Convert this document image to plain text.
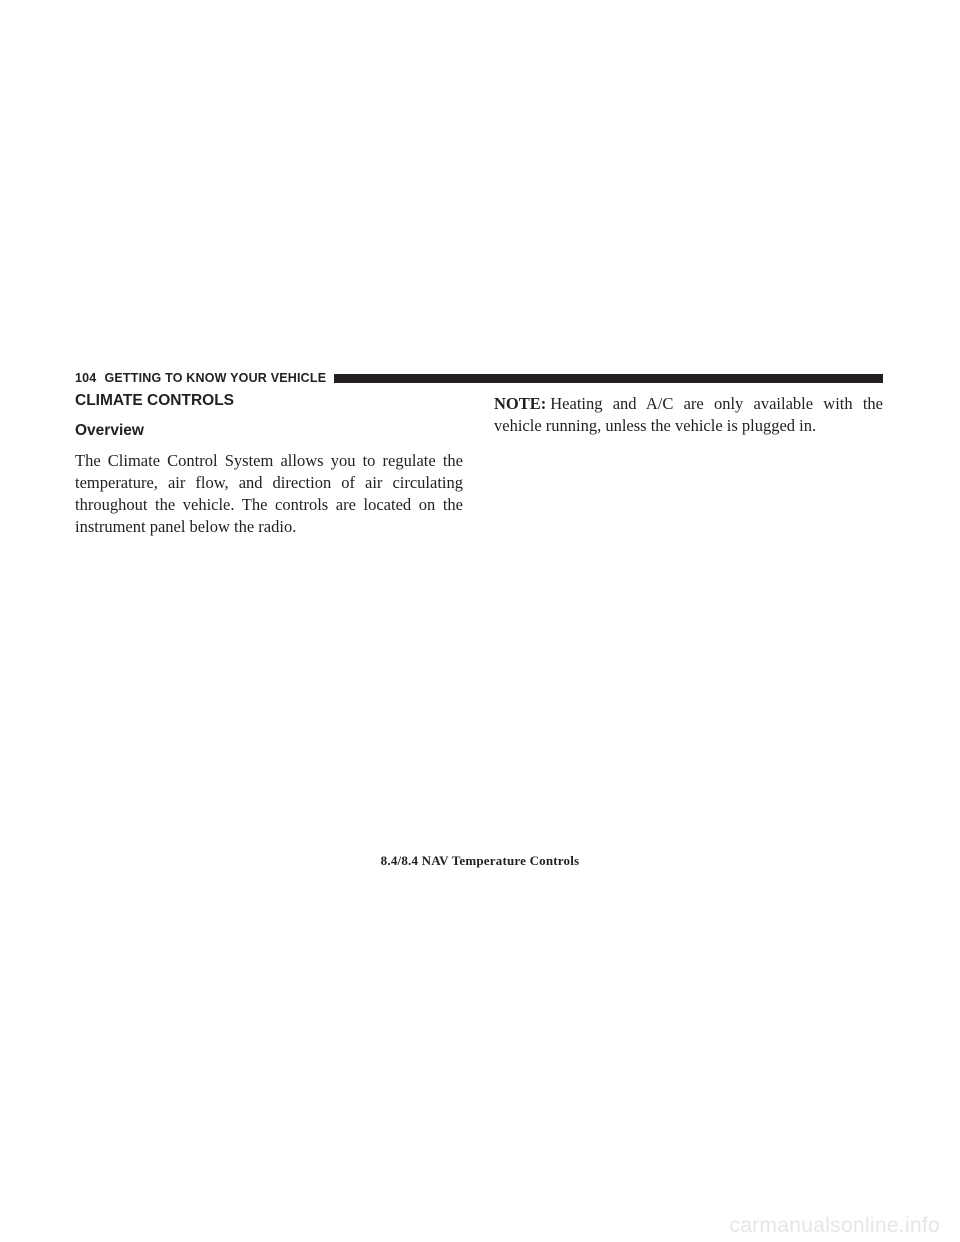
104 GETTING TO KNOW YOUR VEHICLE
CLIMATE CONTROLS
Overview

The Climate Control System allows you to regulate the temperature, air flow, and direction of air circulating throughout the vehicle. The controls are located on the instrument panel below the radio.

NOTE: Heating and A/C are only available with the vehicle running, unless the vehicle is plugged in.

8.4/8.4 NAV Temperature Controls
carmanualsonline.info
